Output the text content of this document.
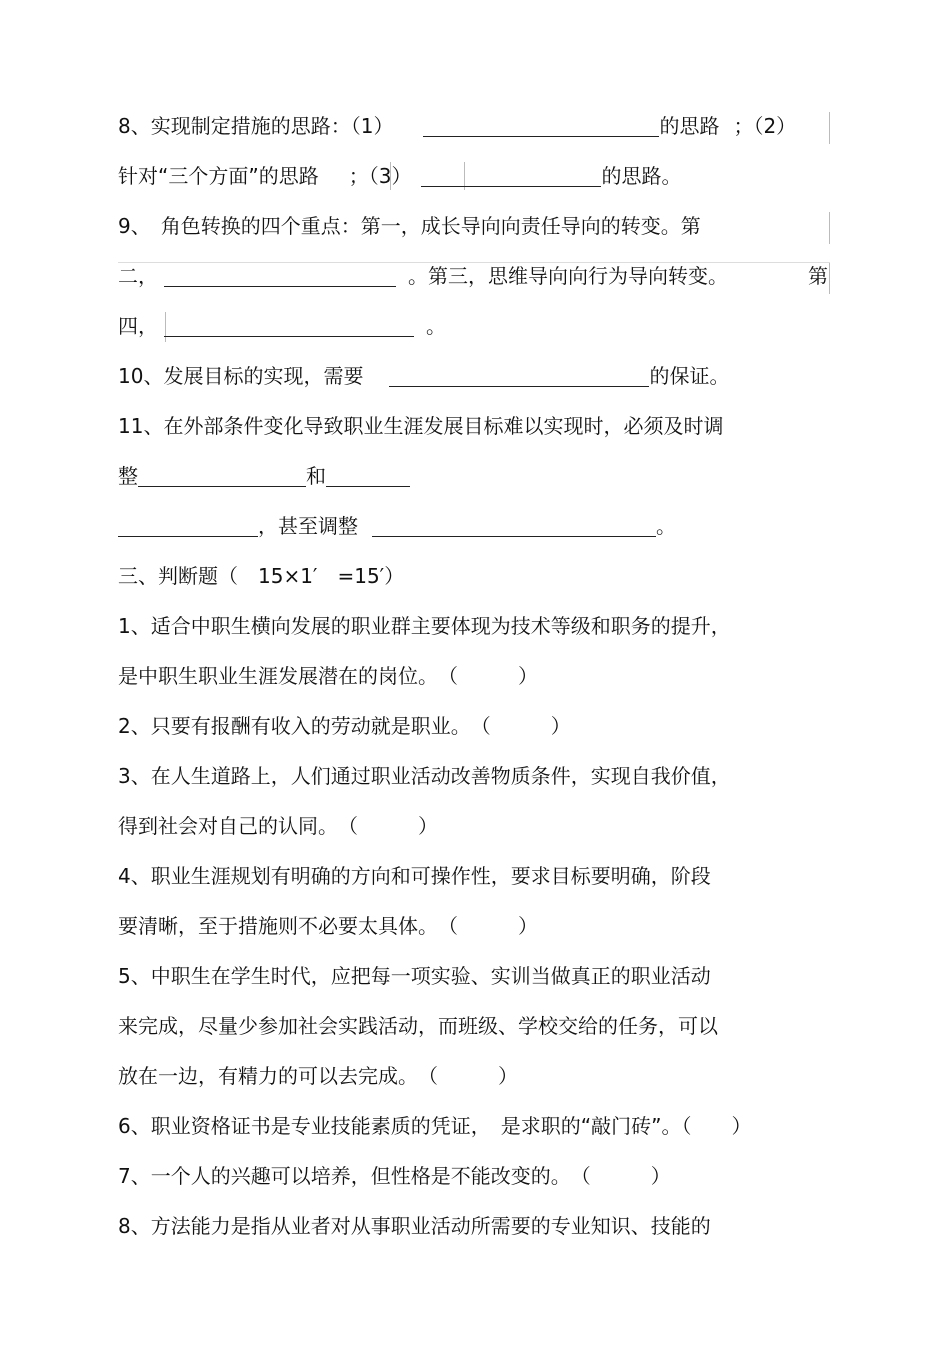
8、实现制定措施的思路：（1）	的思路 ；（2）
针对“三个方面”的思路 ；（3）	的思路。
9、　角色转换的四个重点：第一，成长导向向责任导向的转变。第
二，	。第三，思维导向向行为导向转变。	第
四，	。
10、发展目标的实现，需要	的保证。
11、在外部条件变化导致职业生涯发展目标难以实现时，必须及时调
整	和
，甚至调整	。
三、判断题（　15×1′　=15′）
1、适合中职生横向发展的职业群主要体现为技术等级和职务的提升，
是中职生职业生涯发展潜在的岗位。　（　　　）
2、只要有报酬有收入的劳动就是职业。　（　　　）
3、在人生道路上，人们通过职业活动改善物质条件，实现自我价值，
得到社会对自己的认同。　（　　　）
4、职业生涯规划有明确的方向和可操作性，要求目标要明确，阶段
要清晰，至于措施则不必要太具体。　（　　　）
5、中职生在学生时代，应把每一项实验、实训当做真正的职业活动
来完成，尽量少参加社会实践活动，而班级、学校交给的任务，可以
放在一边，有精力的可以去完成。　（　　　）
6、职业资格证书是专业技能素质的凭证，　是求职的“敲门砖”。（　　）
7、一个人的兴趣可以培养，但性格是不能改变的。　（　　　）
8、方法能力是指从业者对从事职业活动所需要的专业知识、技能的
